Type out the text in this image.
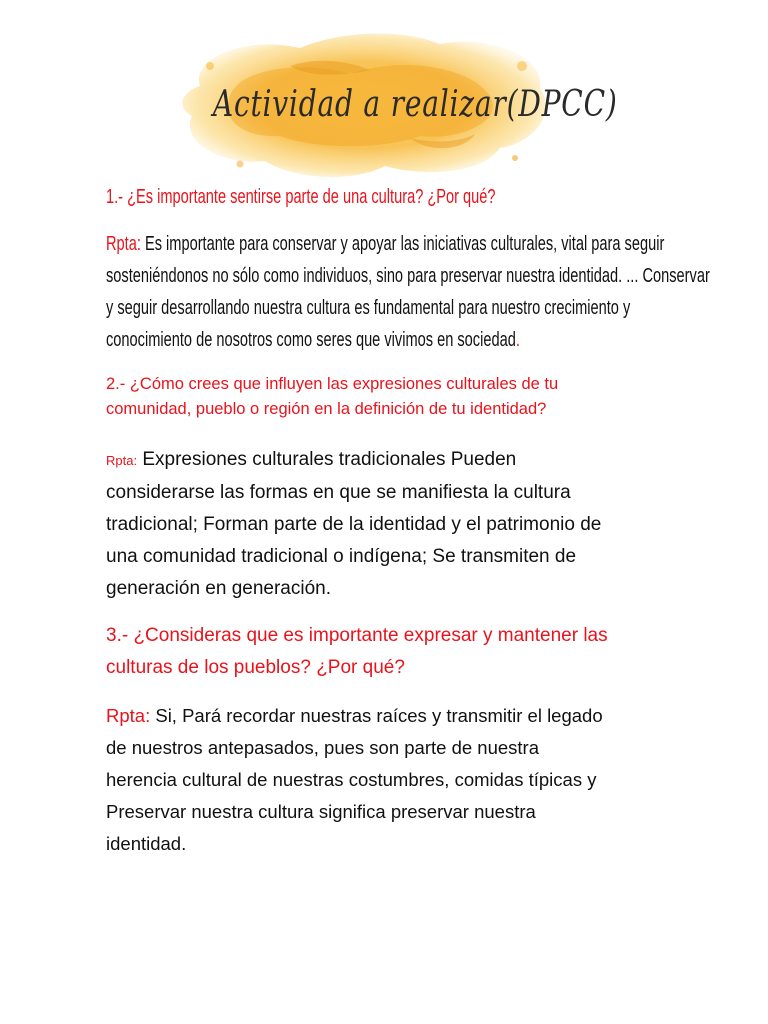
Actividad a realizar(DPCC)
1.- ¿Es importante sentirse parte de una cultura? ¿Por qué?

Rpta: Es importante para conservar y apoyar las iniciativas culturales, vital para seguir

sosteniéndonos no sólo como individuos, sino para preservar nuestra identidad. ... Conservar

y seguir desarrollando nuestra cultura es fundamental para nuestro crecimiento y

conocimiento de nosotros como seres que vivimos en sociedad.

2.- ¿Cómo crees que influyen las expresiones culturales de tu

comunidad, pueblo o región en la definición de tu identidad?

Rpta: Expresiones culturales tradicionales Pueden

considerarse las formas en que se manifiesta la cultura

tradicional; Forman parte de la identidad y el patrimonio de

una comunidad tradicional o indígena; Se transmiten de

generación en generación.

3.- ¿Consideras que es importante expresar y mantener las

culturas de los pueblos? ¿Por qué?

Rpta: Si, Pará recordar nuestras raíces y transmitir el legado

de nuestros antepasados, pues son parte de nuestra

herencia cultural de nuestras costumbres, comidas típicas y

Preservar nuestra cultura significa preservar nuestra

identidad.
